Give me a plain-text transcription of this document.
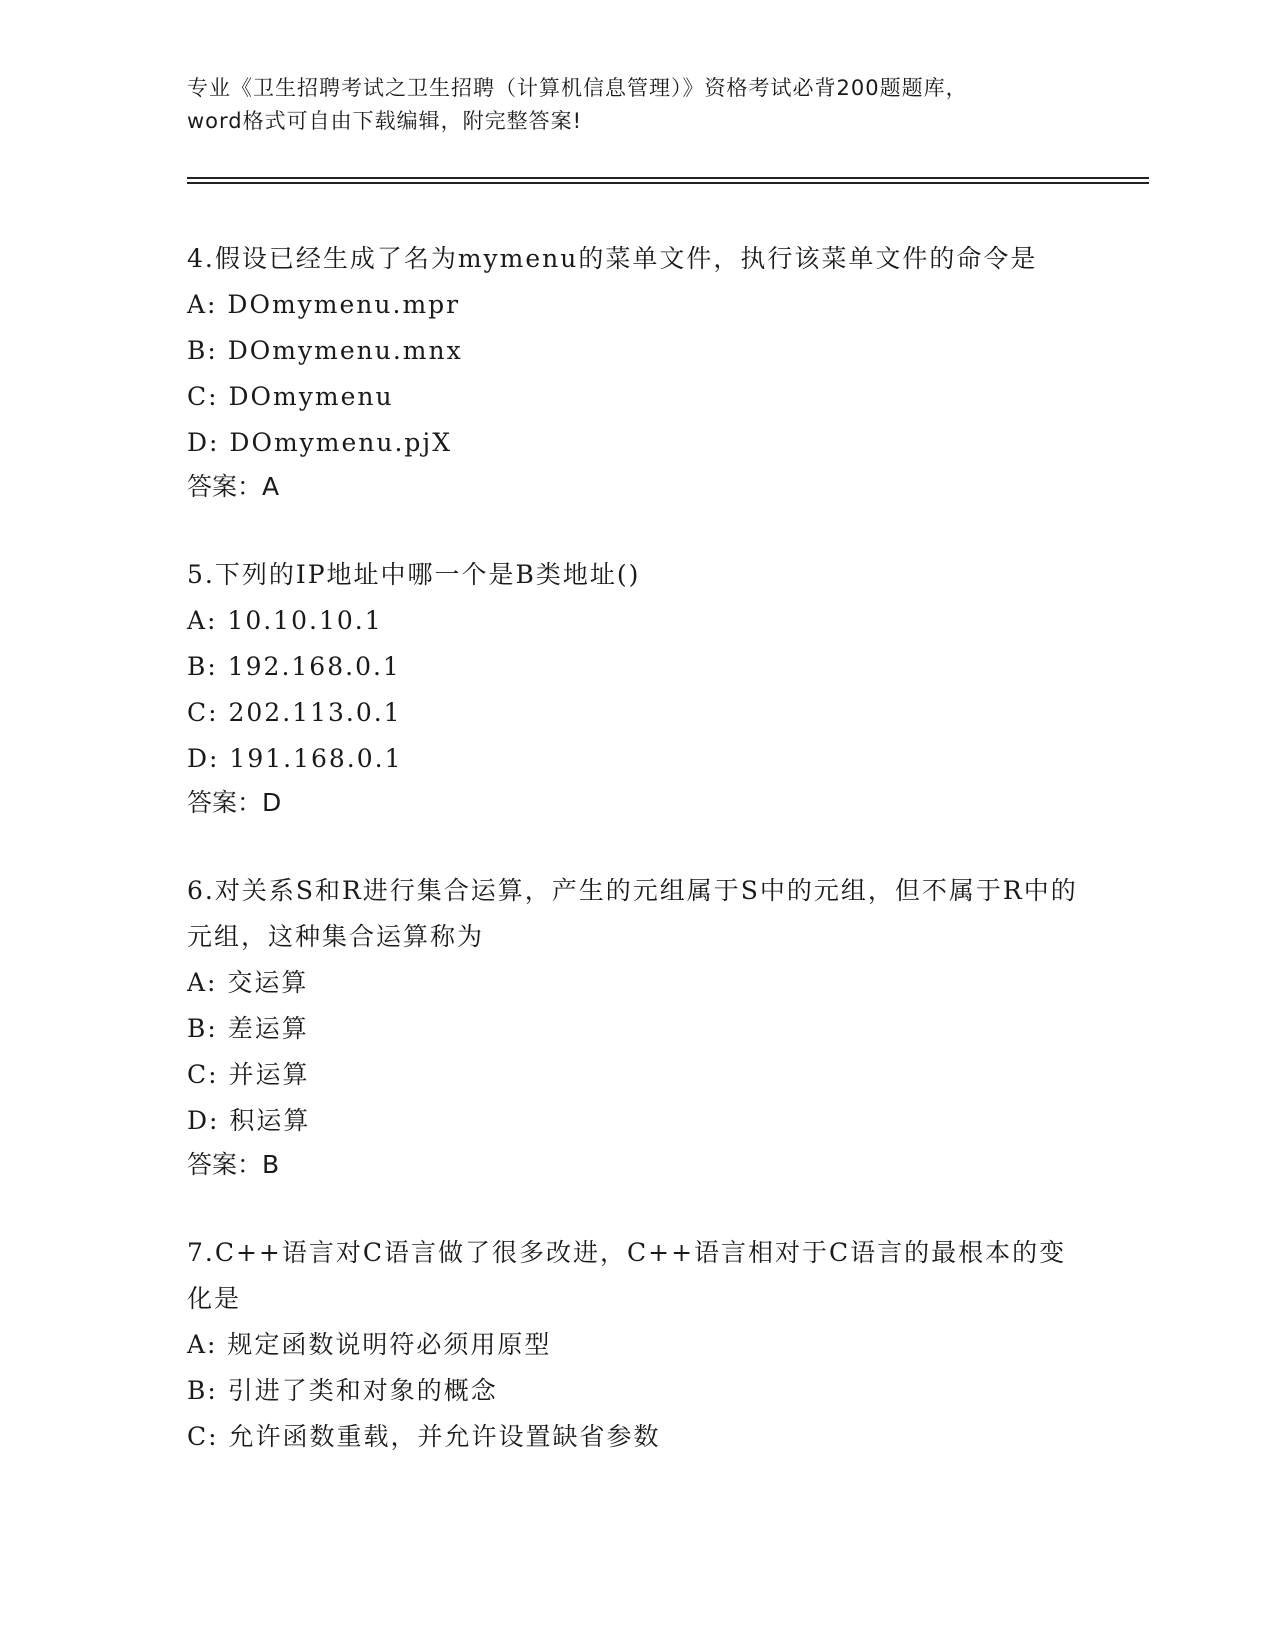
专业《卫生招聘考试之卫生招聘（计算机信息管理）》资格考试必背200题题库，
word格式可自由下载编辑，附完整答案!

4.假设已经生成了名为mymenu的菜单文件，执行该菜单文件的命令是

A: DOmymenu.mpr

B: DOmymenu.mnx

C: DOmymenu

D: DOmymenu.pjX

答案：A

5.下列的IP地址中哪一个是B类地址()

A: 10.10.10.1

B: 192.168.0.1

C: 202.113.0.1

D: 191.168.0.1

答案：D

6.对关系S和R进行集合运算，产生的元组属于S中的元组，但不属于R中的元组，这种集合运算称为

A: 交运算

B: 差运算

C: 并运算

D: 积运算

答案：B

7.C++语言对C语言做了很多改进，C++语言相对于C语言的最根本的变化是

A: 规定函数说明符必须用原型

B: 引进了类和对象的概念

C: 允许函数重载，并允许设置缺省参数
